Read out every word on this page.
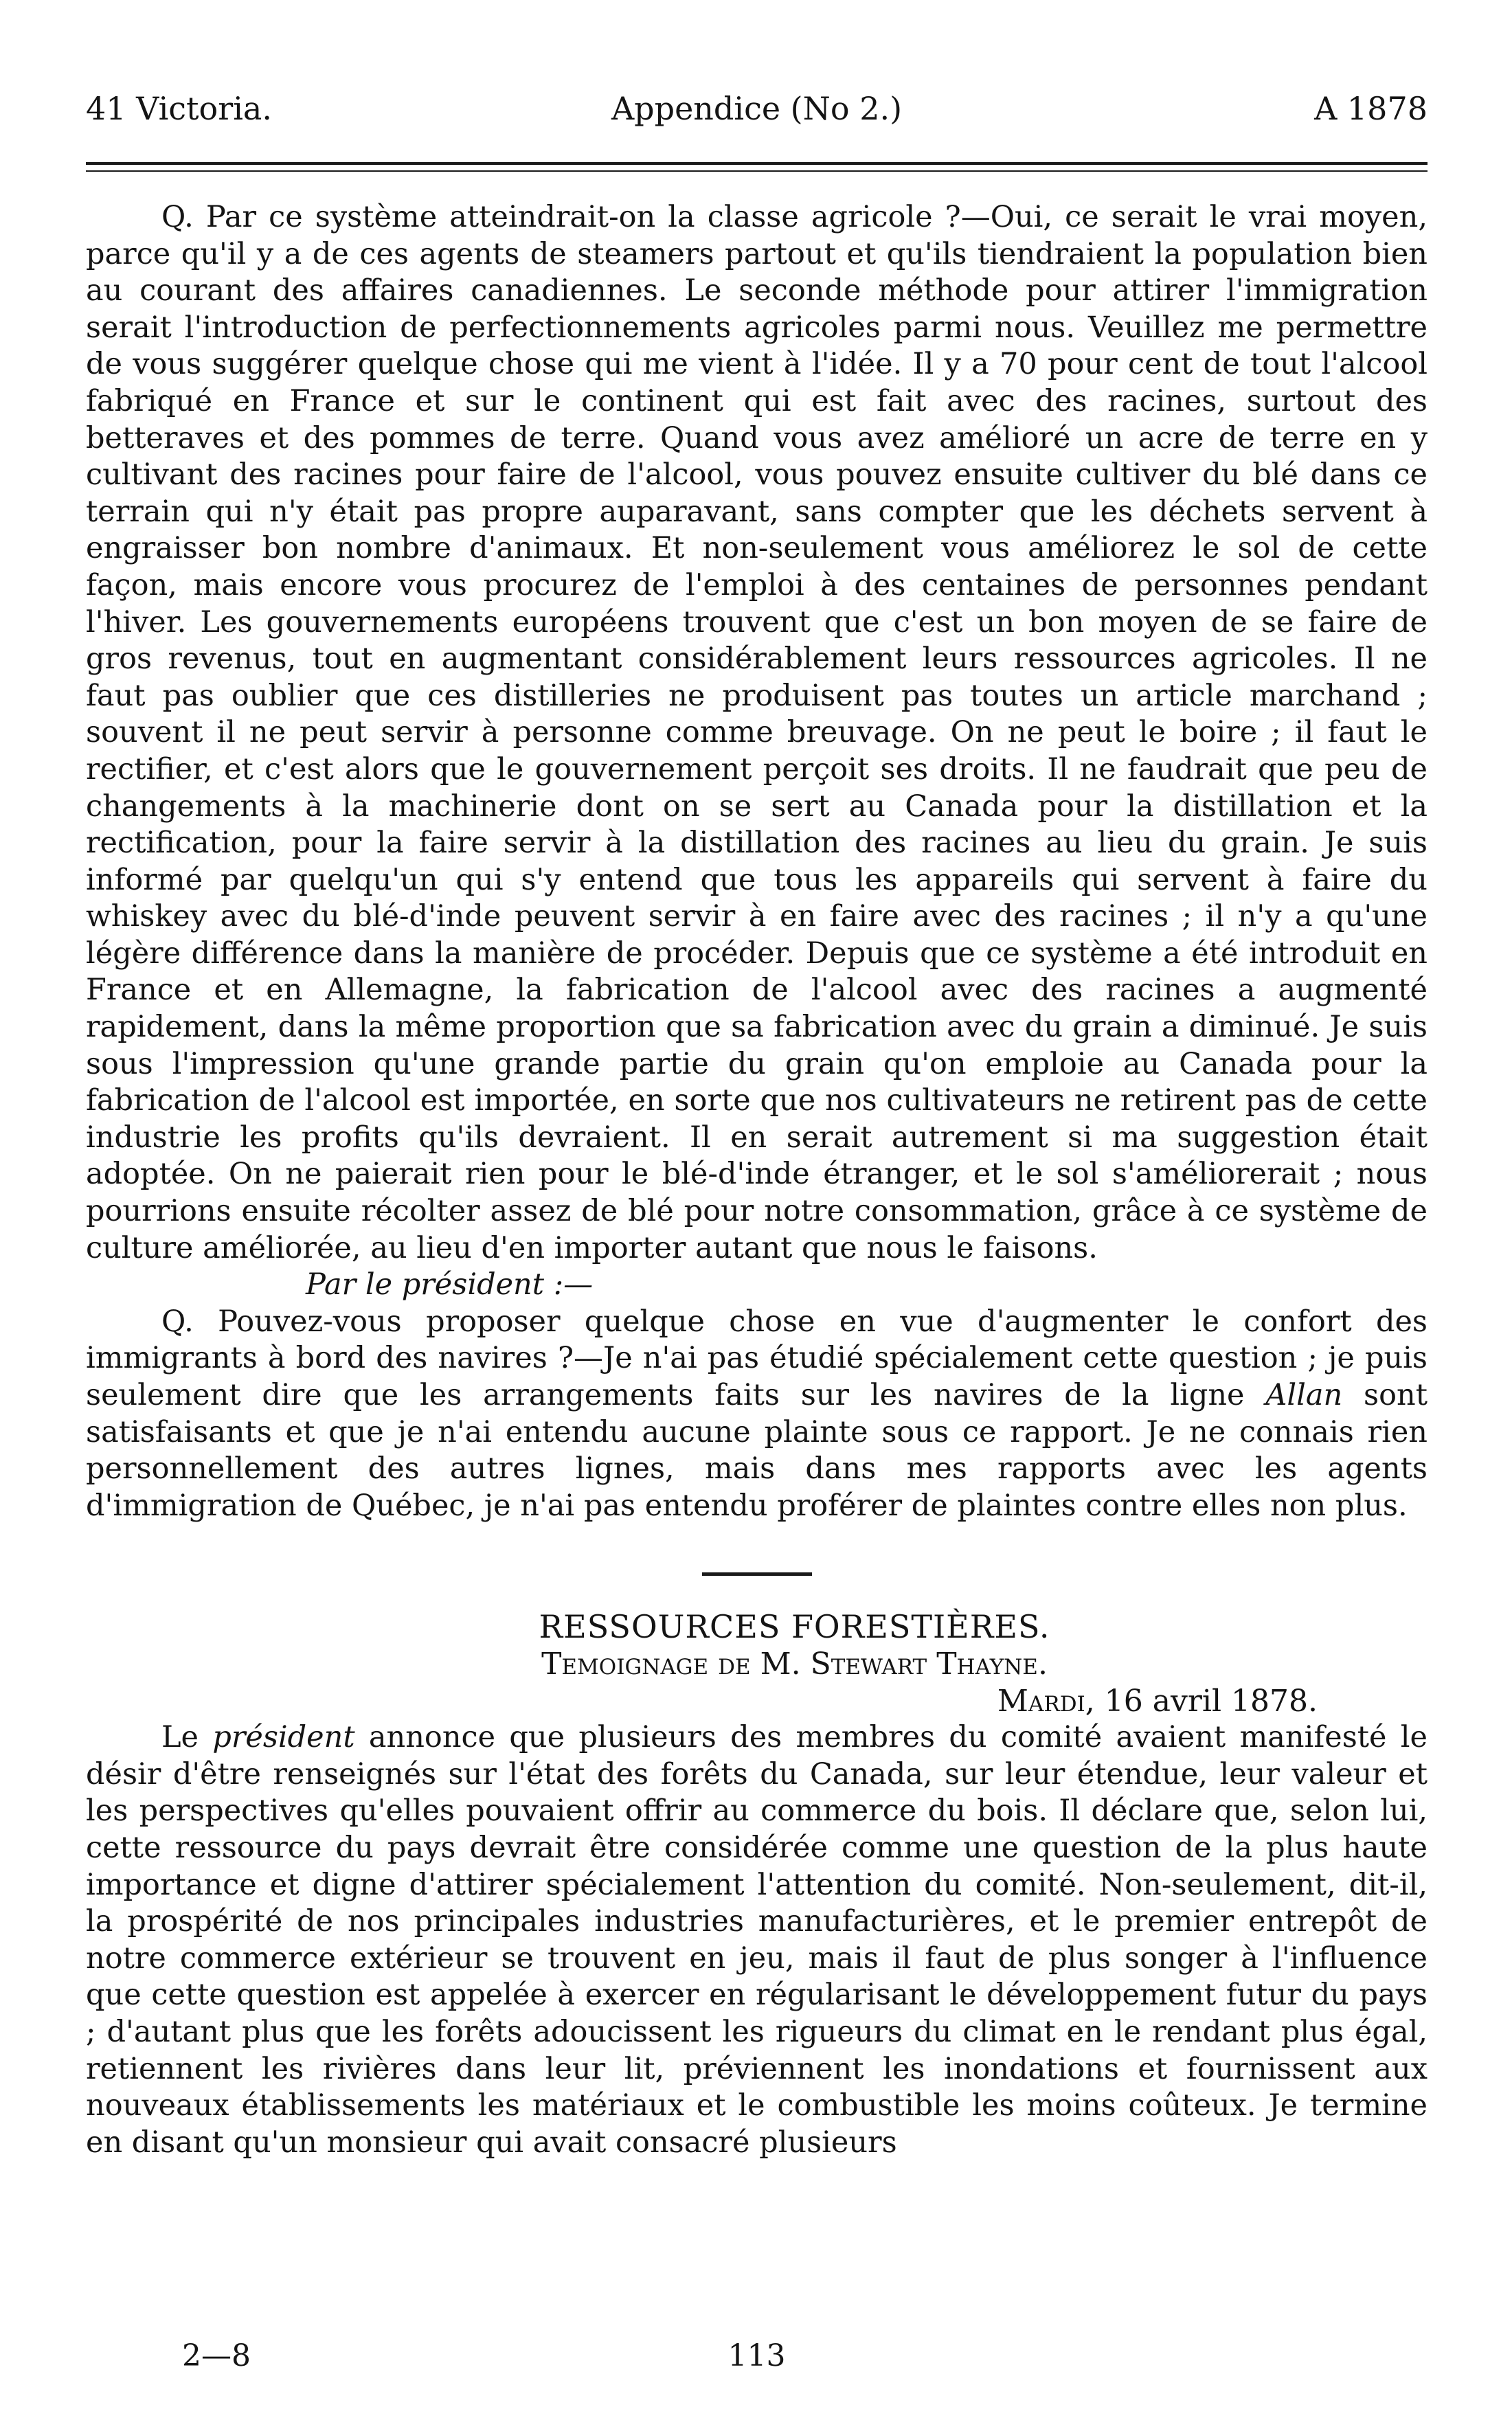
41 Victoria.	Appendice (No 2.)	A 1878

Q. Par ce système atteindrait-on la classe agricole ?—Oui, ce serait le vrai moyen, parce qu'il y a de ces agents de steamers partout et qu'ils tiendraient la population bien au courant des affaires canadiennes. Le seconde méthode pour attirer l'immigration serait l'introduction de perfectionnements agricoles parmi nous. Veuillez me permettre de vous suggérer quelque chose qui me vient à l'idée. Il y a 70 pour cent de tout l'alcool fabriqué en France et sur le continent qui est fait avec des racines, surtout des betteraves et des pommes de terre. Quand vous avez amélioré un acre de terre en y cultivant des racines pour faire de l'alcool, vous pouvez ensuite cultiver du blé dans ce terrain qui n'y était pas propre auparavant, sans compter que les déchets servent à engraisser bon nombre d'animaux. Et non-seulement vous améliorez le sol de cette façon, mais encore vous procurez de l'emploi à des centaines de personnes pendant l'hiver. Les gouvernements européens trouvent que c'est un bon moyen de se faire de gros revenus, tout en augmentant considérablement leurs ressources agricoles. Il ne faut pas oublier que ces distilleries ne produisent pas toutes un article marchand ; souvent il ne peut servir à personne comme breuvage. On ne peut le boire ; il faut le rectifier, et c'est alors que le gouvernement perçoit ses droits. Il ne faudrait que peu de changements à la machinerie dont on se sert au Canada pour la distillation et la rectification, pour la faire servir à la distillation des racines au lieu du grain. Je suis informé par quelqu'un qui s'y entend que tous les appareils qui servent à faire du whiskey avec du blé-d'inde peuvent servir à en faire avec des racines ; il n'y a qu'une légère différence dans la manière de procéder. Depuis que ce système a été introduit en France et en Allemagne, la fabrication de l'alcool avec des racines a augmenté rapidement, dans la même proportion que sa fabrication avec du grain a diminué. Je suis sous l'impression qu'une grande partie du grain qu'on emploie au Canada pour la fabrication de l'alcool est importée, en sorte que nos cultivateurs ne retirent pas de cette industrie les profits qu'ils devraient. Il en serait autrement si ma suggestion était adoptée. On ne paierait rien pour le blé-d'inde étranger, et le sol s'améliorerait ; nous pourrions ensuite récolter assez de blé pour notre consommation, grâce à ce système de culture améliorée, au lieu d'en importer autant que nous le faisons.

Par le président :—

Q. Pouvez-vous proposer quelque chose en vue d'augmenter le confort des immigrants à bord des navires ?—Je n'ai pas étudié spécialement cette question ; je puis seulement dire que les arrangements faits sur les navires de la ligne Allan sont satisfaisants et que je n'ai entendu aucune plainte sous ce rapport. Je ne connais rien personnellement des autres lignes, mais dans mes rapports avec les agents d'immigration de Québec, je n'ai pas entendu proférer de plaintes contre elles non plus.

RESSOURCES FORESTIÈRES.

Temoignage de M. Stewart Thayne.

Mardi, 16 avril 1878.

Le président annonce que plusieurs des membres du comité avaient manifesté le désir d'être renseignés sur l'état des forêts du Canada, sur leur étendue, leur valeur et les perspectives qu'elles pouvaient offrir au commerce du bois. Il déclare que, selon lui, cette ressource du pays devrait être considérée comme une question de la plus haute importance et digne d'attirer spécialement l'attention du comité. Non-seulement, dit-il, la prospérité de nos principales industries manufacturières, et le premier entrepôt de notre commerce extérieur se trouvent en jeu, mais il faut de plus songer à l'influence que cette question est appelée à exercer en régularisant le développement futur du pays ; d'autant plus que les forêts adoucissent les rigueurs du climat en le rendant plus égal, retiennent les rivières dans leur lit, préviennent les inondations et fournissent aux nouveaux établissements les matériaux et le combustible les moins coûteux. Je termine en disant qu'un monsieur qui avait consacré plusieurs

2—8	113
